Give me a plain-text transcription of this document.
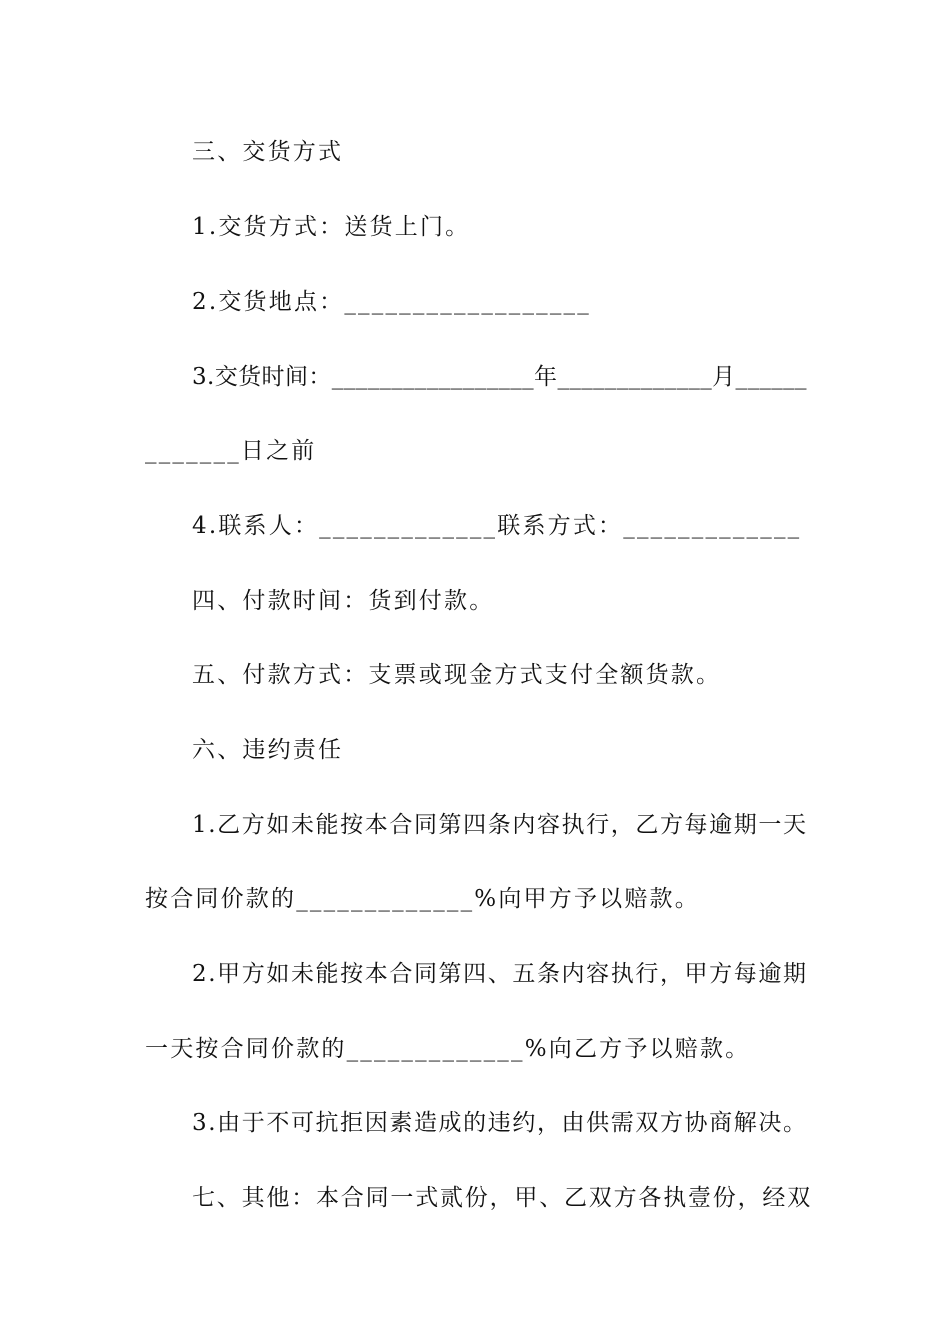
三、交货方式
1.交货方式：送货上门。
2.交货地点：__________________
3.交货时间：_________________年_____________月______
_______日之前
4.联系人：_____________联系方式：_____________
四、付款时间：货到付款。
五、付款方式：支票或现金方式支付全额货款。
六、违约责任
1.乙方如未能按本合同第四条内容执行，乙方每逾期一天
按合同价款的_____________%向甲方予以赔款。
2.甲方如未能按本合同第四、五条内容执行，甲方每逾期
一天按合同价款的_____________%向乙方予以赔款。
3.由于不可抗拒因素造成的违约，由供需双方协商解决。
七、其他：本合同一式贰份，甲、乙双方各执壹份，经双
